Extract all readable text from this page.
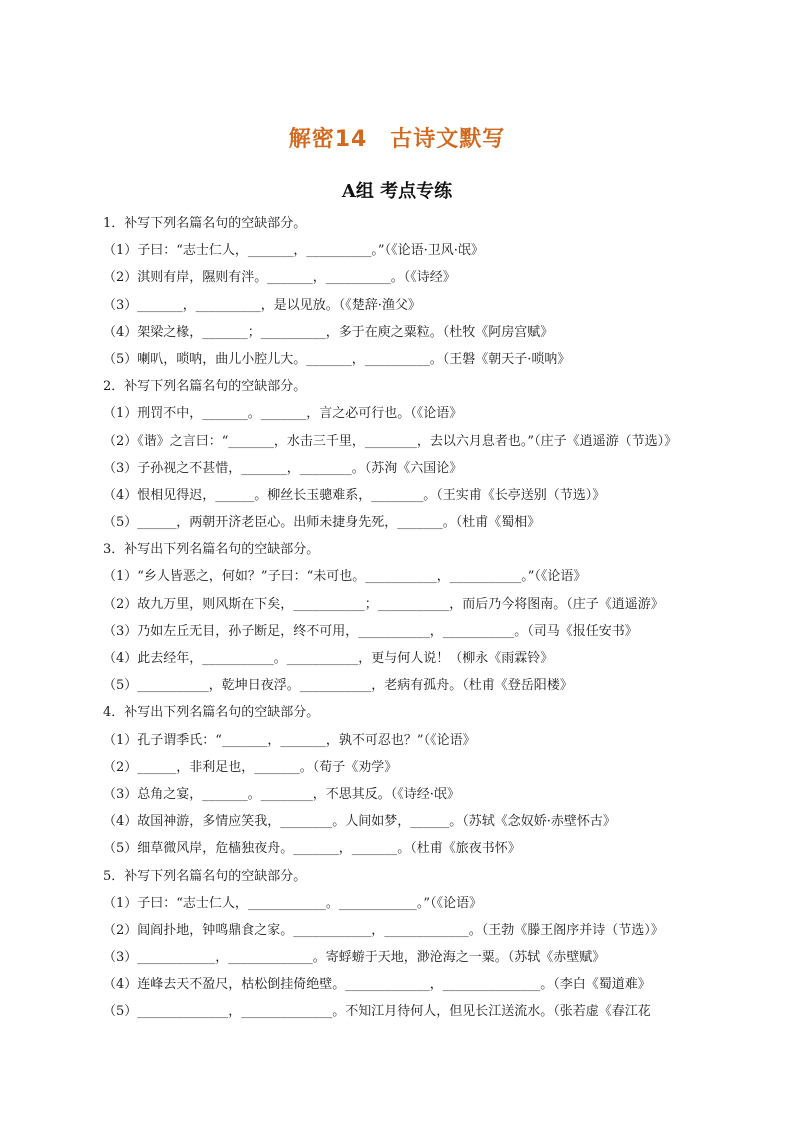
解密14　古诗文默写
A组 考点专练
1．补写下列名篇名句的空缺部分。
（1）子曰：“志士仁人，_______，__________。”（《论语·卫风·氓》
（2）淇则有岸，隰则有泮。_______，__________。（《诗经》
（3）_______，__________，是以见放。（《楚辞·渔父》
（4）架梁之椽，_______；__________，多于在庾之粟粒。（杜牧《阿房宫赋》
（5）喇叭，唢呐，曲儿小腔儿大。_______，__________。（王磐《朝天子·唢呐》
2．补写下列名篇名句的空缺部分。
（1）刑罚不中，_______。_______，言之必可行也。（《论语》
（2）《谐》之言曰：“_______，水击三千里，________，去以六月息者也。”（庄子《逍遥游（节选）》
（3）子孙视之不甚惜，_______，________。（苏洵《六国论》
（4）恨相见得迟，______。柳丝长玉骢难系，________。（王实甫《长亭送别（节选）》
（5）______，两朝开济老臣心。出师未捷身先死，_______。（杜甫《蜀相》
3．补写出下列名篇名句的空缺部分。
（1）“乡人皆恶之，何如？”子曰：“未可也。___________，___________。”（《论语》
（2）故九万里，则风斯在下矣，___________；___________，而后乃今将图南。（庄子《逍遥游》
（3）乃如左丘无目，孙子断足，终不可用，___________，___________。（司马《报任安书》
（4）此去经年，___________。___________，更与何人说！（柳永《雨霖铃》
（5）___________，乾坤日夜浮。___________，老病有孤舟。（杜甫《登岳阳楼》
4．补写出下列名篇名句的空缺部分。
（1）孔子谓季氏：“_______，_______，孰不可忍也？”（《论语》
（2）______，非利足也，_______。（荀子《劝学》
（3）总角之宴，_______。________，不思其反。（《诗经·氓》
（4）故国神游，多情应笑我，________。人间如梦，______。（苏轼《念奴娇·赤壁怀古》
（5）细草微风岸，危樯独夜舟。_______，_______。（杜甫《旅夜书怀》
5．补写下列名篇名句的空缺部分。
（1）子曰：“志士仁人，____________。____________。”（《论语》
（2）闾阎扑地，钟鸣鼎食之家。____________，_____________。（王勃《滕王阁序并诗（节选）》
（3）____________，_____________。寄蜉蝣于天地，渺沧海之一粟。（苏轼《赤壁赋》
（4）连峰去天不盈尺，枯松倒挂倚绝壁。_____________，_______________。（李白《蜀道难》
（5）______________，______________。不知江月待何人，但见长江送流水。（张若虚《春江花
